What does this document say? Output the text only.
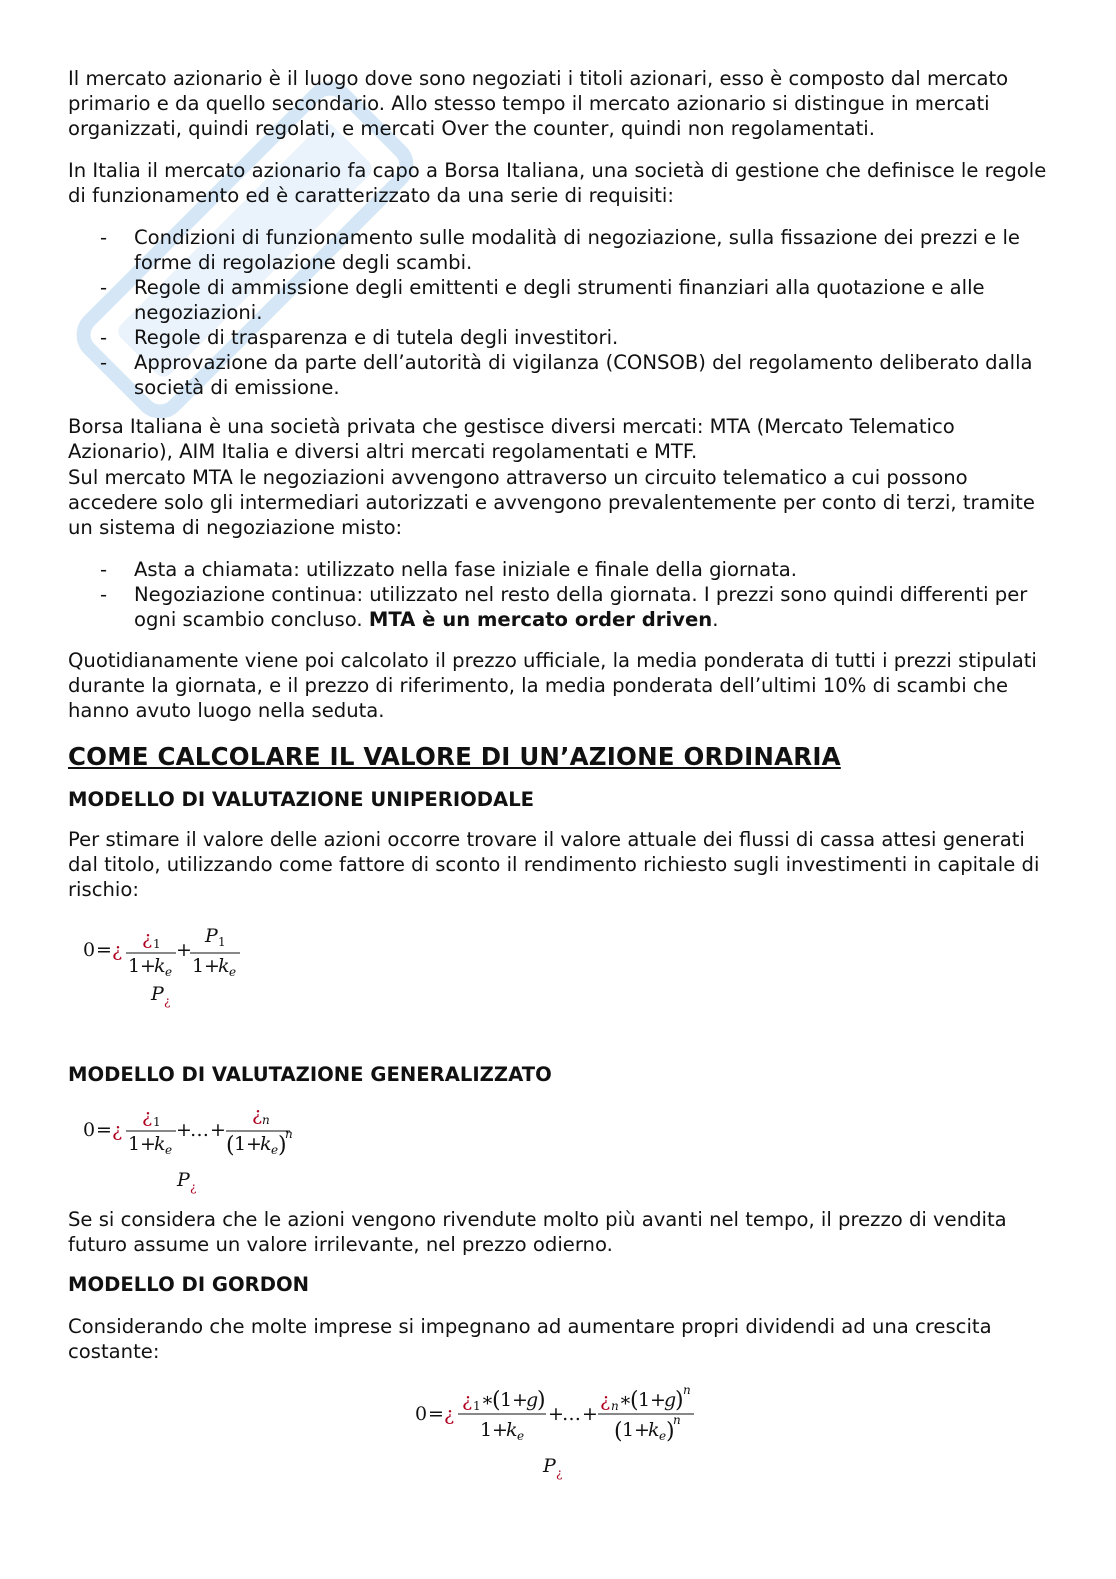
Il mercato azionario è il luogo dove sono negoziati i titoli azionari, esso è composto dal mercato primario e da quello secondario. Allo stesso tempo il mercato azionario si distingue in mercati organizzati, quindi regolati, e mercati Over the counter, quindi non regolamentati.

In Italia il mercato azionario fa capo a Borsa Italiana, una società di gestione che definisce le regole di funzionamento ed è caratterizzato da una serie di requisiti:

- Condizioni di funzionamento sulle modalità di negoziazione, sulla fissazione dei prezzi e le forme di regolazione degli scambi.
- Regole di ammissione degli emittenti e degli strumenti finanziari alla quotazione e alle negoziazioni.
- Regole di trasparenza e di tutela degli investitori.
- Approvazione da parte dell’autorità di vigilanza (CONSOB) del regolamento deliberato dalla società di emissione.

Borsa Italiana è una società privata che gestisce diversi mercati: MTA (Mercato Telematico Azionario), AIM Italia e diversi altri mercati regolamentati e MTF.

Sul mercato MTA le negoziazioni avvengono attraverso un circuito telematico a cui possono accedere solo gli intermediari autorizzati e avvengono prevalentemente per conto di terzi, tramite un sistema di negoziazione misto:

- Asta a chiamata: utilizzato nella fase iniziale e finale della giornata.
- Negoziazione continua: utilizzato nel resto della giornata. I prezzi sono quindi differenti per ogni scambio concluso. MTA è un mercato order driven.

Quotidianamente viene poi calcolato il prezzo ufficiale, la media ponderata di tutti i prezzi stipulati durante la giornata, e il prezzo di riferimento, la media ponderata dell’ultimi 10% di scambi che hanno avuto luogo nella seduta.

COME CALCOLARE IL VALORE DI UN’AZIONE ORDINARIA
MODELLO DI VALUTAZIONE UNIPERIODALE

Per stimare il valore delle azioni occorre trovare il valore attuale dei flussi di cassa attesi generati dal titolo, utilizzando come fattore di sconto il rendimento richiesto sugli investimenti in capitale di rischio:

0 = ¿
¿ 1
1 +
k e
+
P 1
1 +
k e
P ¿
MODELLO DI VALUTAZIONE GENERALIZZATO
0 = ¿
¿ 1
1 +
k e
+
… +
¿ n
( 1 +
k e )
n
P ¿

Se si considera che le azioni vengono rivendute molto più avanti nel tempo, il prezzo di vendita futuro assume un valore irrilevante, nel prezzo odierno.

MODELLO DI GORDON

Considerando che molte imprese si impegnano ad aumentare propri dividendi ad una crescita costante:

0 = ¿
¿ 1 ∗
( 1 +
g
)
1 +
k e
+
… +
¿ n ∗
( 1 +
g
) n
( 1 +
k e )
n
P ¿
